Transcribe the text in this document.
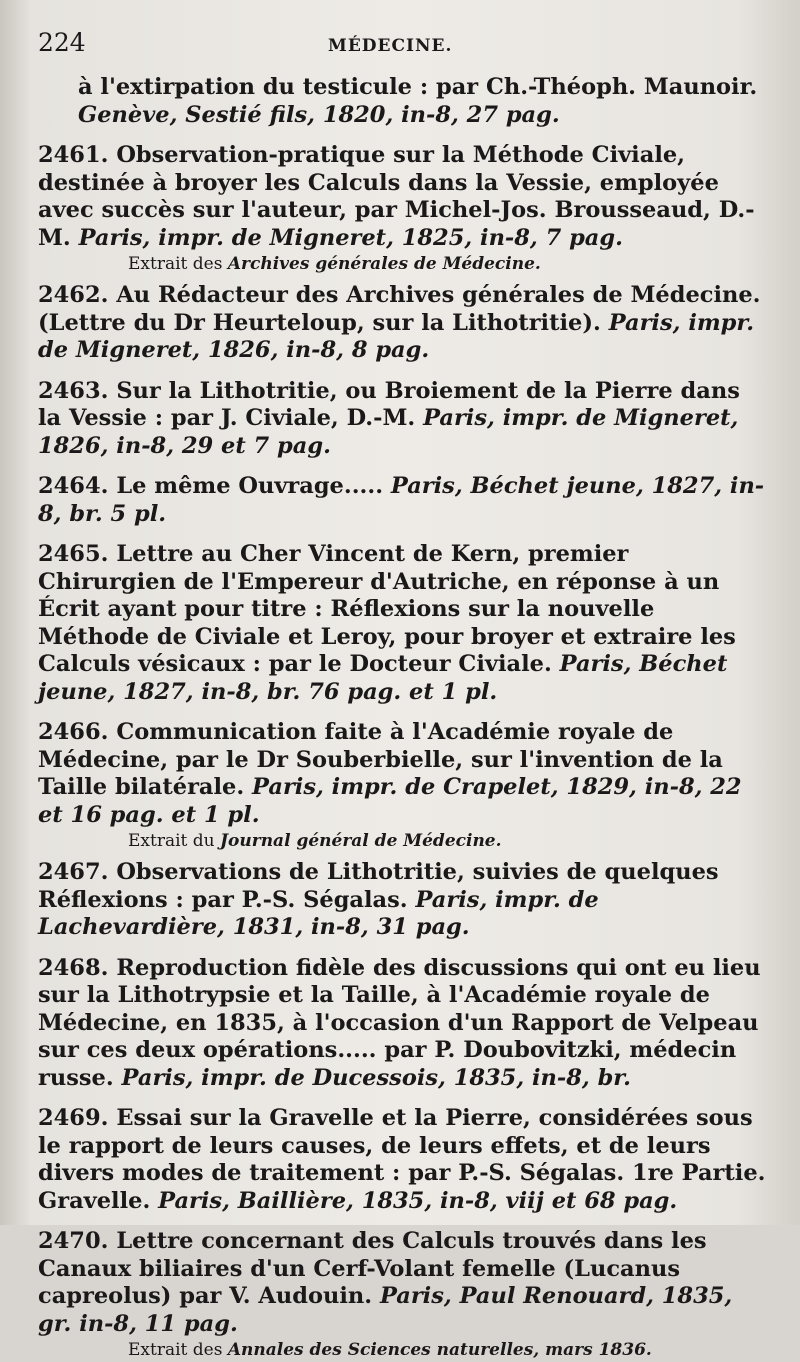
224	MÉDECINE.
à l'extirpation du testicule : par Ch.-Théoph. Maunoir. Genève, Sestié fils, 1820, in-8, 27 pag.

2461. Observation-pratique sur la Méthode Civiale, destinée à broyer les Calculs dans la Vessie, employée avec succès sur l'auteur, par Michel-Jos. Brousseaud, D.-M. Paris, impr. de Migneret, 1825, in-8, 7 pag.

Extrait des Archives générales de Médecine.

2462. Au Rédacteur des Archives générales de Médecine. (Lettre du Dr Heurteloup, sur la Lithotritie). Paris, impr. de Migneret, 1826, in-8, 8 pag.

2463. Sur la Lithotritie, ou Broiement de la Pierre dans la Vessie : par J. Civiale, D.-M. Paris, impr. de Migneret, 1826, in-8, 29 et 7 pag.

2464. Le même Ouvrage..... Paris, Béchet jeune, 1827, in-8, br. 5 pl.

2465. Lettre au Cher Vincent de Kern, premier Chirurgien de l'Empereur d'Autriche, en réponse à un Écrit ayant pour titre : Réflexions sur la nouvelle Méthode de Civiale et Leroy, pour broyer et extraire les Calculs vésicaux : par le Docteur Civiale. Paris, Béchet jeune, 1827, in-8, br. 76 pag. et 1 pl.

2466. Communication faite à l'Académie royale de Médecine, par le Dr Souberbielle, sur l'invention de la Taille bilatérale. Paris, impr. de Crapelet, 1829, in-8, 22 et 16 pag. et 1 pl.

Extrait du Journal général de Médecine.

2467. Observations de Lithotritie, suivies de quelques Réflexions : par P.-S. Ségalas. Paris, impr. de Lachevardière, 1831, in-8, 31 pag.

2468. Reproduction fidèle des discussions qui ont eu lieu sur la Lithotrypsie et la Taille, à l'Académie royale de Médecine, en 1835, à l'occasion d'un Rapport de Velpeau sur ces deux opérations..... par P. Doubovitzki, médecin russe. Paris, impr. de Ducessois, 1835, in-8, br.

2469. Essai sur la Gravelle et la Pierre, considérées sous le rapport de leurs causes, de leurs effets, et de leurs divers modes de traitement : par P.-S. Ségalas. 1re Partie. Gravelle. Paris, Baillière, 1835, in-8, viij et 68 pag.

2470. Lettre concernant des Calculs trouvés dans les Canaux biliaires d'un Cerf-Volant femelle (Lucanus capreolus) par V. Audouin. Paris, Paul Renouard, 1835, gr. in-8, 11 pag.

Extrait des Annales des Sciences naturelles, mars 1836.
